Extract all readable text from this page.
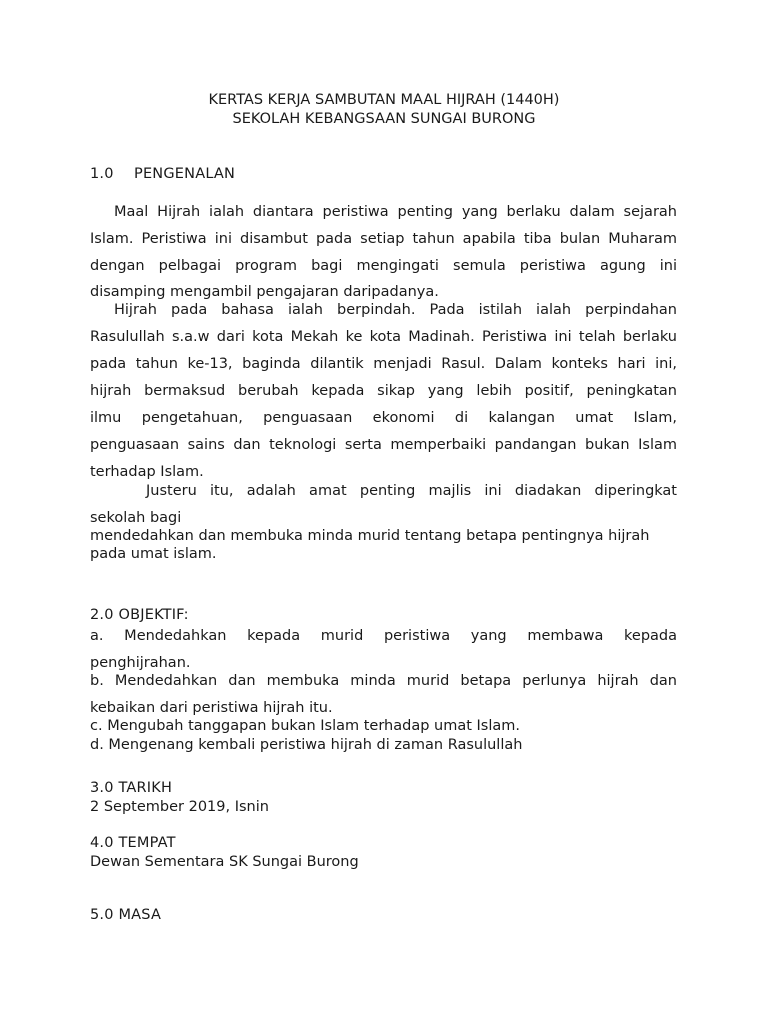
KERTAS KERJA SAMBUTAN MAAL HIJRAH (1440H)

SEKOLAH KEBANGSAAN SUNGAI BURONG

1.0 PENGENALAN

Maal Hijrah ialah diantara peristiwa penting yang berlaku dalam sejarah

Islam. Peristiwa ini disambut pada setiap tahun apabila tiba bulan Muharam

dengan pelbagai program bagi mengingati semula peristiwa agung ini

disamping mengambil pengajaran daripadanya.

Hijrah pada bahasa ialah berpindah. Pada istilah ialah perpindahan

Rasulullah s.a.w dari kota Mekah ke kota Madinah. Peristiwa ini telah berlaku

pada tahun ke-13, baginda dilantik menjadi Rasul. Dalam konteks hari ini,

hijrah bermaksud berubah kepada sikap yang lebih positif, peningkatan

ilmu pengetahuan, penguasaan ekonomi di kalangan umat Islam,

penguasaan sains dan teknologi serta memperbaiki pandangan bukan Islam

terhadap Islam.

Justeru itu, adalah amat penting majlis ini diadakan diperingkat

sekolah bagi

mendedahkan dan membuka minda murid tentang betapa pentingnya hijrah

pada umat islam.

2.0 OBJEKTIF:

a. Mendedahkan kepada murid peristiwa yang membawa kepada

penghijrahan.

b. Mendedahkan dan membuka minda murid betapa perlunya hijrah dan

kebaikan dari peristiwa hijrah itu.

c. Mengubah tanggapan bukan Islam terhadap umat Islam.

d. Mengenang kembali peristiwa hijrah di zaman Rasulullah

3.0 TARIKH

2 September 2019, Isnin

4.0 TEMPAT

Dewan Sementara SK Sungai Burong

5.0 MASA
